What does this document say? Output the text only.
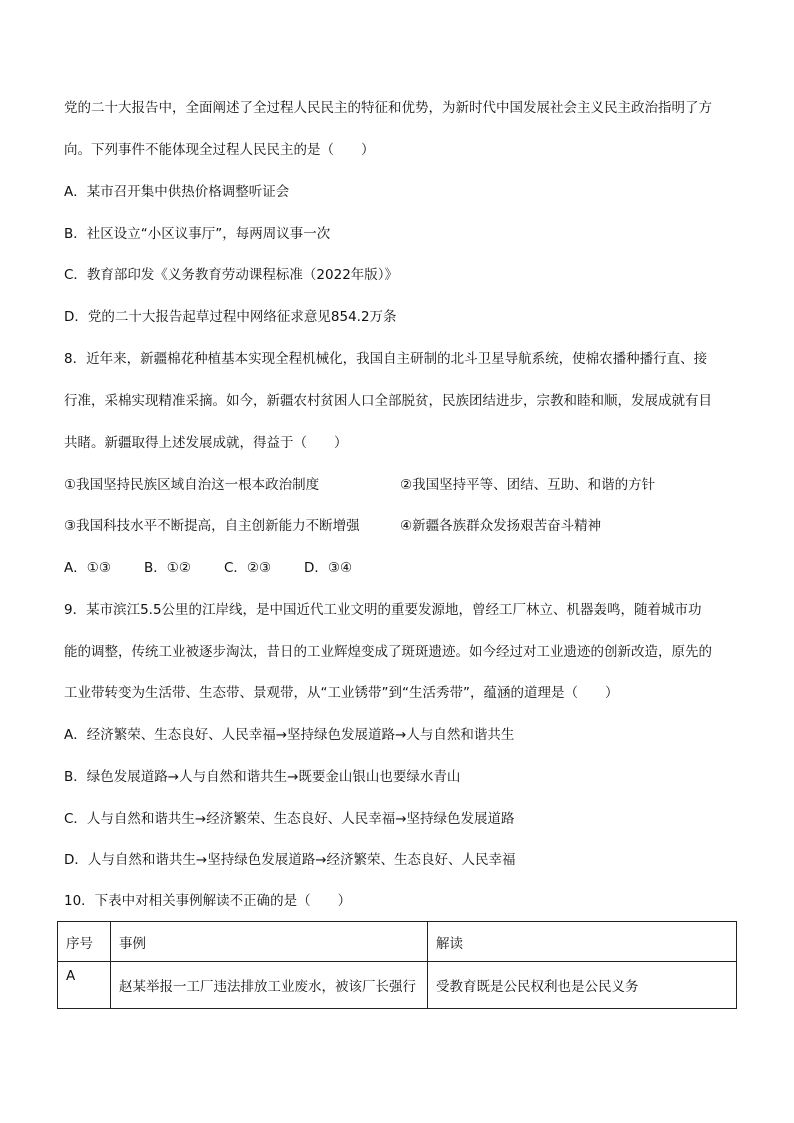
党的二十大报告中，全面阐述了全过程人民民主的特征和优势，为新时代中国发展社会主义民主政治指明了方
向。下列事件不能体现全过程人民民主的是（　　）
A．某市召开集中供热价格调整听证会
B．社区设立“小区议事厅”，每两周议事一次
C．教育部印发《义务教育劳动课程标准（2022年版）》
D．党的二十大报告起草过程中网络征求意见854.2万条
8．近年来，新疆棉花种植基本实现全程机械化，我国自主研制的北斗卫星导航系统，使棉农播种播行直、接
行准，采棉实现精准采摘。如今，新疆农村贫困人口全部脱贫，民族团结进步，宗教和睦和顺，发展成就有目
共睹。新疆取得上述发展成就，得益于（　　）
①我国坚持民族区域自治这一根本政治制度	②我国坚持平等、团结、互助、和谐的方针
③我国科技水平不断提高，自主创新能力不断增强	④新疆各族群众发扬艰苦奋斗精神
A．①③ B．①② C．②③ D．③④
9．某市滨江5.5公里的江岸线，是中国近代工业文明的重要发源地，曾经工厂林立、机器轰鸣，随着城市功
能的调整，传统工业被逐步淘汰，昔日的工业辉煌变成了斑斑遗迹。如今经过对工业遗迹的创新改造，原先的
工业带转变为生活带、生态带、景观带，从“工业锈带”到“生活秀带”，蕴涵的道理是（　　）
A．经济繁荣、生态良好、人民幸福→坚持绿色发展道路→人与自然和谐共生
B．绿色发展道路→人与自然和谐共生→既要金山银山也要绿水青山
C．人与自然和谐共生→经济繁荣、生态良好、人民幸福→坚持绿色发展道路
D．人与自然和谐共生→坚持绿色发展道路→经济繁荣、生态良好、人民幸福
10．下表中对相关事例解读不正确的是（　　）
序号	事例	解读
A	赵某举报一工厂违法排放工业废水，被该厂长强行	受教育既是公民权利也是公民义务
